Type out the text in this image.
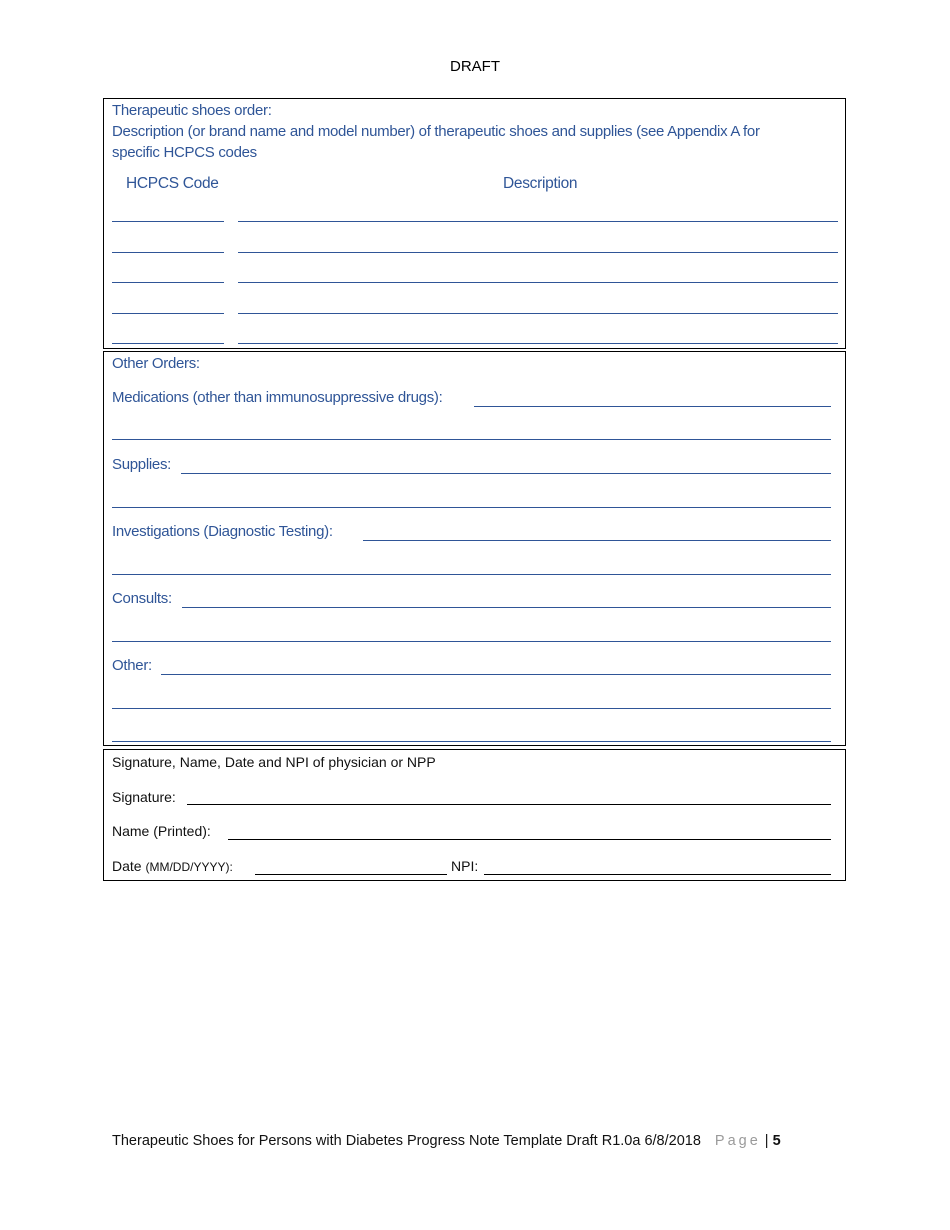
DRAFT
Therapeutic shoes order:
Description (or brand name and model number) of therapeutic shoes and supplies (see Appendix A for
specific HCPCS codes
HCPCS Code	Description
Other Orders:
Medications (other than immunosuppressive drugs):
Supplies:
Investigations (Diagnostic Testing):
Consults:
Other:
Signature, Name, Date and NPI of physician or NPP
Signature:
Name (Printed):
Date (MM/DD/YYYY):	NPI:
Therapeutic Shoes for Persons with Diabetes Progress Note Template Draft R1.0a 6/8/2018 Page | 5
